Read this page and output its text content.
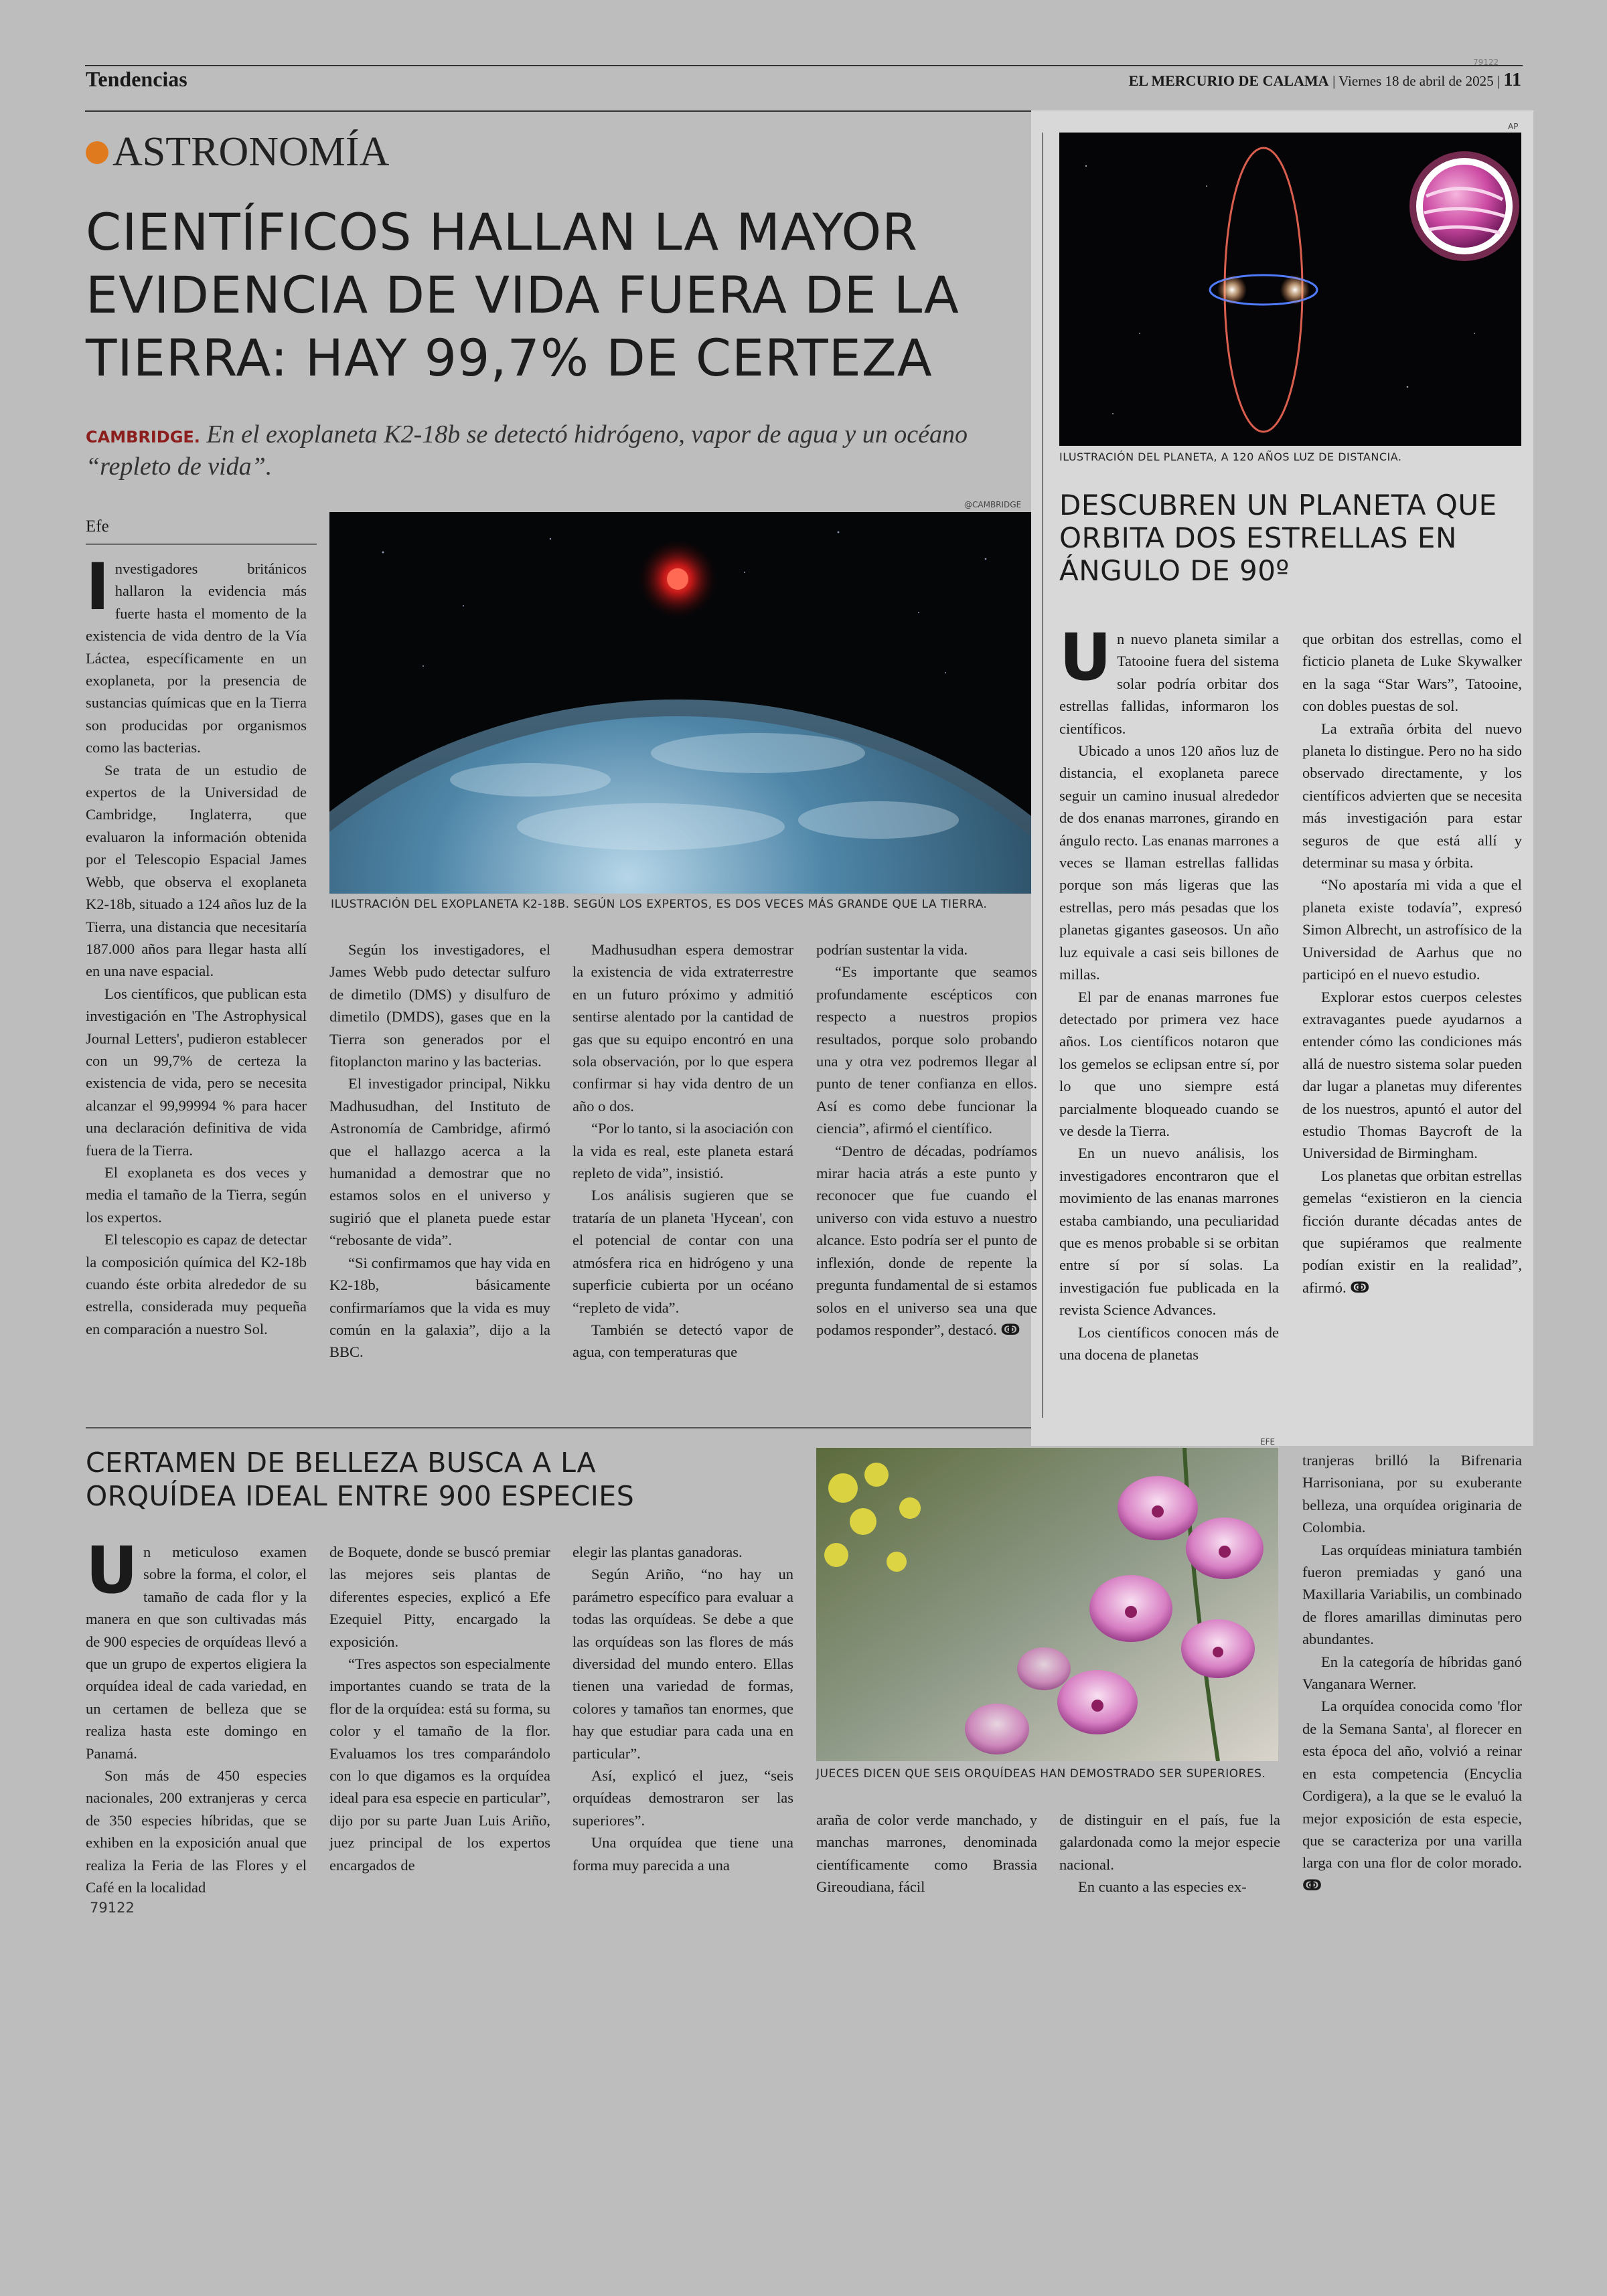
Tendencias
79122
EL MERCURIO DE CALAMA | Viernes 18 de abril de 2025 | 11
ASTRONOMÍA
CIENTÍFICOS HALLAN LA MAYOR
EVIDENCIA DE VIDA FUERA DE LA
TIERRA: HAY 99,7% DE CERTEZA
CAMBRIDGE. En el exoplaneta K2-18b se detectó hidrógeno, vapor de agua y un océano “repleto de vida”.
Efe
@CAMBRIDGE
ILUSTRACIÓN DEL EXOPLANETA K2-18B. SEGÚN LOS EXPERTOS, ES DOS VECES MÁS GRANDE QUE LA TIERRA.

Investigadores británicos hallaron la evidencia más fuerte hasta el momento de la existencia de vida dentro de la Vía Láctea, específicamente en un exoplaneta, por la presencia de sustancias químicas que en la Tierra son producidas por organismos como las bacterias.

Se trata de un estudio de expertos de la Universidad de Cambridge, Inglaterra, que evaluaron la información obtenida por el Telescopio Espacial James Webb, que observa el exoplaneta K2-18b, situado a 124 años luz de la Tierra, una distancia que necesitaría 187.000 años para llegar hasta allí en una nave espacial.

Los científicos, que publican esta investigación en 'The Astrophysical Journal Letters', pudieron establecer con un 99,7% de certeza la existencia de vida, pero se necesita alcanzar el 99,99994 % para hacer una declaración definitiva de vida fuera de la Tierra.

El exoplaneta es dos veces y media el tamaño de la Tierra, según los expertos.

El telescopio es capaz de detectar la composición química del K2-18b cuando éste orbita alrededor de su estrella, considerada muy pequeña en comparación a nuestro Sol.

Según los investigadores, el James Webb pudo detectar sulfuro de dimetilo (DMS) y disulfuro de dimetilo (DMDS), gases que en la Tierra son generados por el fitoplancton marino y las bacterias.

El investigador principal, Nikku Madhusudhan, del Instituto de Astronomía de Cambridge, afirmó que el hallazgo acerca a la humanidad a demostrar que no estamos solos en el universo y sugirió que el planeta puede estar “rebosante de vida”.

“Si confirmamos que hay vida en K2-18b, básicamente confirmaríamos que la vida es muy común en la galaxia”, dijo a la BBC.

Madhusudhan espera demostrar la existencia de vida extraterrestre en un futuro próximo y admitió sentirse alentado por la cantidad de gas que su equipo encontró en una sola observación, por lo que espera confirmar si hay vida dentro de un año o dos.

“Por lo tanto, si la asociación con la vida es real, este planeta estará repleto de vida”, insistió.

Los análisis sugieren que se trataría de un planeta 'Hycean', con el potencial de contar con una atmósfera rica en hidrógeno y una superficie cubierta por un océano “repleto de vida”.

También se detectó vapor de agua, con temperaturas que

podrían sustentar la vida.

“Es importante que seamos profundamente escépticos con respecto a nuestros propios resultados, porque solo probando una y otra vez podremos llegar al punto de tener confianza en ellos. Así es como debe funcionar la ciencia”, afirmó el científico.

“Dentro de décadas, podríamos mirar hacia atrás a este punto y reconocer que fue cuando el universo con vida estuvo a nuestro alcance. Esto podría ser el punto de inflexión, donde de repente la pregunta fundamental de si estamos solos en el universo sea una que podamos responder”, destacó. ↂ

AP
ILUSTRACIÓN DEL PLANETA, A 120 AÑOS LUZ DE DISTANCIA.
DESCUBREN UN PLANETA QUE
ORBITA DOS ESTRELLAS EN
ÁNGULO DE 90º

Un nuevo planeta similar a Tatooine fuera del sistema solar podría orbitar dos estrellas fallidas, informaron los científicos.

Ubicado a unos 120 años luz de distancia, el exoplaneta parece seguir un camino inusual alrededor de dos enanas marrones, girando en ángulo recto. Las enanas marrones a veces se llaman estrellas fallidas porque son más ligeras que las estrellas, pero más pesadas que los planetas gigantes gaseosos. Un año luz equivale a casi seis billones de millas.

El par de enanas marrones fue detectado por primera vez hace años. Los científicos notaron que los gemelos se eclipsan entre sí, por lo que uno siempre está parcialmente bloqueado cuando se ve desde la Tierra.

En un nuevo análisis, los investigadores encontraron que el movimiento de las enanas marrones estaba cambiando, una peculiaridad que es menos probable si se orbitan entre sí por sí solas. La investigación fue publicada en la revista Science Advances.

Los científicos conocen más de una docena de planetas

que orbitan dos estrellas, como el ficticio planeta de Luke Skywalker en la saga “Star Wars”, Tatooine, con dobles puestas de sol.

La extraña órbita del nuevo planeta lo distingue. Pero no ha sido observado directamente, y los científicos advierten que se necesita más investigación para estar seguros de que está allí y determinar su masa y órbita.

“No apostaría mi vida a que el planeta existe todavía”, expresó Simon Albrecht, un astrofísico de la Universidad de Aarhus que no participó en el nuevo estudio.

Explorar estos cuerpos celestes extravagantes puede ayudarnos a entender cómo las condiciones más allá de nuestro sistema solar pueden dar lugar a planetas muy diferentes de los nuestros, apuntó el autor del estudio Thomas Baycroft de la Universidad de Birmingham.

Los planetas que orbitan estrellas gemelas “existieron en la ciencia ficción durante décadas antes de que supiéramos que realmente podían existir en la realidad”, afirmó. ↂ

CERTAMEN DE BELLEZA BUSCA A LA
ORQUÍDEA IDEAL ENTRE 900 ESPECIES
EFE
JUECES DICEN QUE SEIS ORQUÍDEAS HAN DEMOSTRADO SER SUPERIORES.

Un meticuloso examen sobre la forma, el color, el tamaño de cada flor y la manera en que son cultivadas más de 900 especies de orquídeas llevó a que un grupo de expertos eligiera la orquídea ideal de cada variedad, en un certamen de belleza que se realiza hasta este domingo en Panamá.

Son más de 450 especies nacionales, 200 extranjeras y cerca de 350 especies híbridas, que se exhiben en la exposición anual que realiza la Feria de las Flores y el Café en la localidad

de Boquete, donde se buscó premiar las mejores seis plantas de diferentes especies, explicó a Efe Ezequiel Pitty, encargado la exposición.

“Tres aspectos son especialmente importantes cuando se trata de la flor de la orquídea: está su forma, su color y el tamaño de la flor. Evaluamos los tres comparándolo con lo que digamos es la orquídea ideal para esa especie en particular”, dijo por su parte Juan Luis Ariño, juez principal de los expertos encargados de

elegir las plantas ganadoras.

Según Ariño, “no hay un parámetro específico para evaluar a todas las orquídeas. Se debe a que las orquídeas son las flores de más diversidad del mundo entero. Ellas tienen una variedad de formas, colores y tamaños tan enormes, que hay que estudiar para cada una en particular”.

Así, explicó el juez, “seis orquídeas demostraron ser las superiores”.

Una orquídea que tiene una forma muy parecida a una

araña de color verde manchado, y manchas marrones, denominada científicamente como Brassia Gireoudiana, fácil

de distinguir en el país, fue la galardonada como la mejor especie nacional.

En cuanto a las especies ex-

tranjeras brilló la Bifrenaria Harrisoniana, por su exuberante belleza, una orquídea originaria de Colombia.

Las orquídeas miniatura también fueron premiadas y ganó una Maxillaria Variabilis, un combinado de flores amarillas diminutas pero abundantes.

En la categoría de híbridas ganó Vanganara Werner.

La orquídea conocida como 'flor de la Semana Santa', al florecer en esta época del año, volvió a reinar en esta competencia (Encyclia Cordigera), a la que se le evaluó la mejor exposición de esta especie, que se caracteriza por una varilla larga con una flor de color morado. ↂ

79122
